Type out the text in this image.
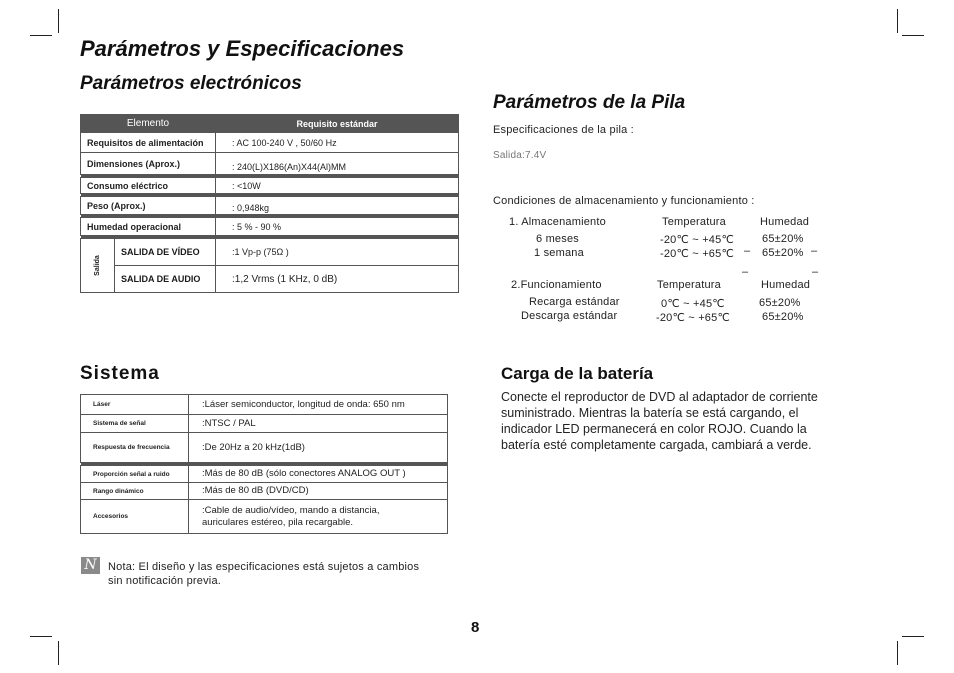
Parámetros y Especificaciones
Parámetros electrónicos
Elemento		Requisito estándar
Requisitos de alimentación		: AC 100-240 V , 50/60 Hz
Dimensiones (Aprox.)		: 240(L)X186(An)X44(Al)MM

Consumo eléctrico		: <10W

Peso (Aprox.)		: 0,948kg

Humedad operacional		: 5 % - 90 %

Salida	SALIDA DE VÍDEO	:1 Vp-p (75Ω )
	SALIDA DE AUDIO	:1,2 Vrms (1 KHz, 0 dB)
Sistema
Láser	:Láser semiconductor, longitud de onda: 650 nm
Sistema de señal	:NTSC / PAL
Respuesta de frecuencia	:De 20Hz a 20 kHz(1dB)

Proporción señal a ruido	:Más de 80 dB (sólo conectores ANALOG OUT )
Rango dinámico	:Más de 80 dB (DVD/CD)
Accesorios	:Cable de audio/vídeo, mando a distancia,
auriculares estéreo, pila recargable.
N	Nota: El diseño y las especificaciones está sujetos a cambios
sin notificación previa.
Parámetros de la Pila
Especificaciones de la pila :
Salida:7.4V
Condiciones de almacenamiento y funcionamiento :
1. Almacenamiento	Temperatura	Humedad
6 meses	-20℃ ~ +45℃	65±20%
1 semana	-20℃ ~ +65℃	65±20%
–	–
–	–
2.Funcionamiento	Temperatura	Humedad
Recarga estándar	0℃ ~ +45℃	65±20%
Descarga estándar	-20℃ ~ +65℃	65±20%
Carga de la batería
Conecte el reproductor de DVD al adaptador de corriente
suministrado. Mientras la batería se está cargando, el
indicador LED permanecerá en color ROJO. Cuando la
batería esté completamente cargada, cambiará a verde.
8
